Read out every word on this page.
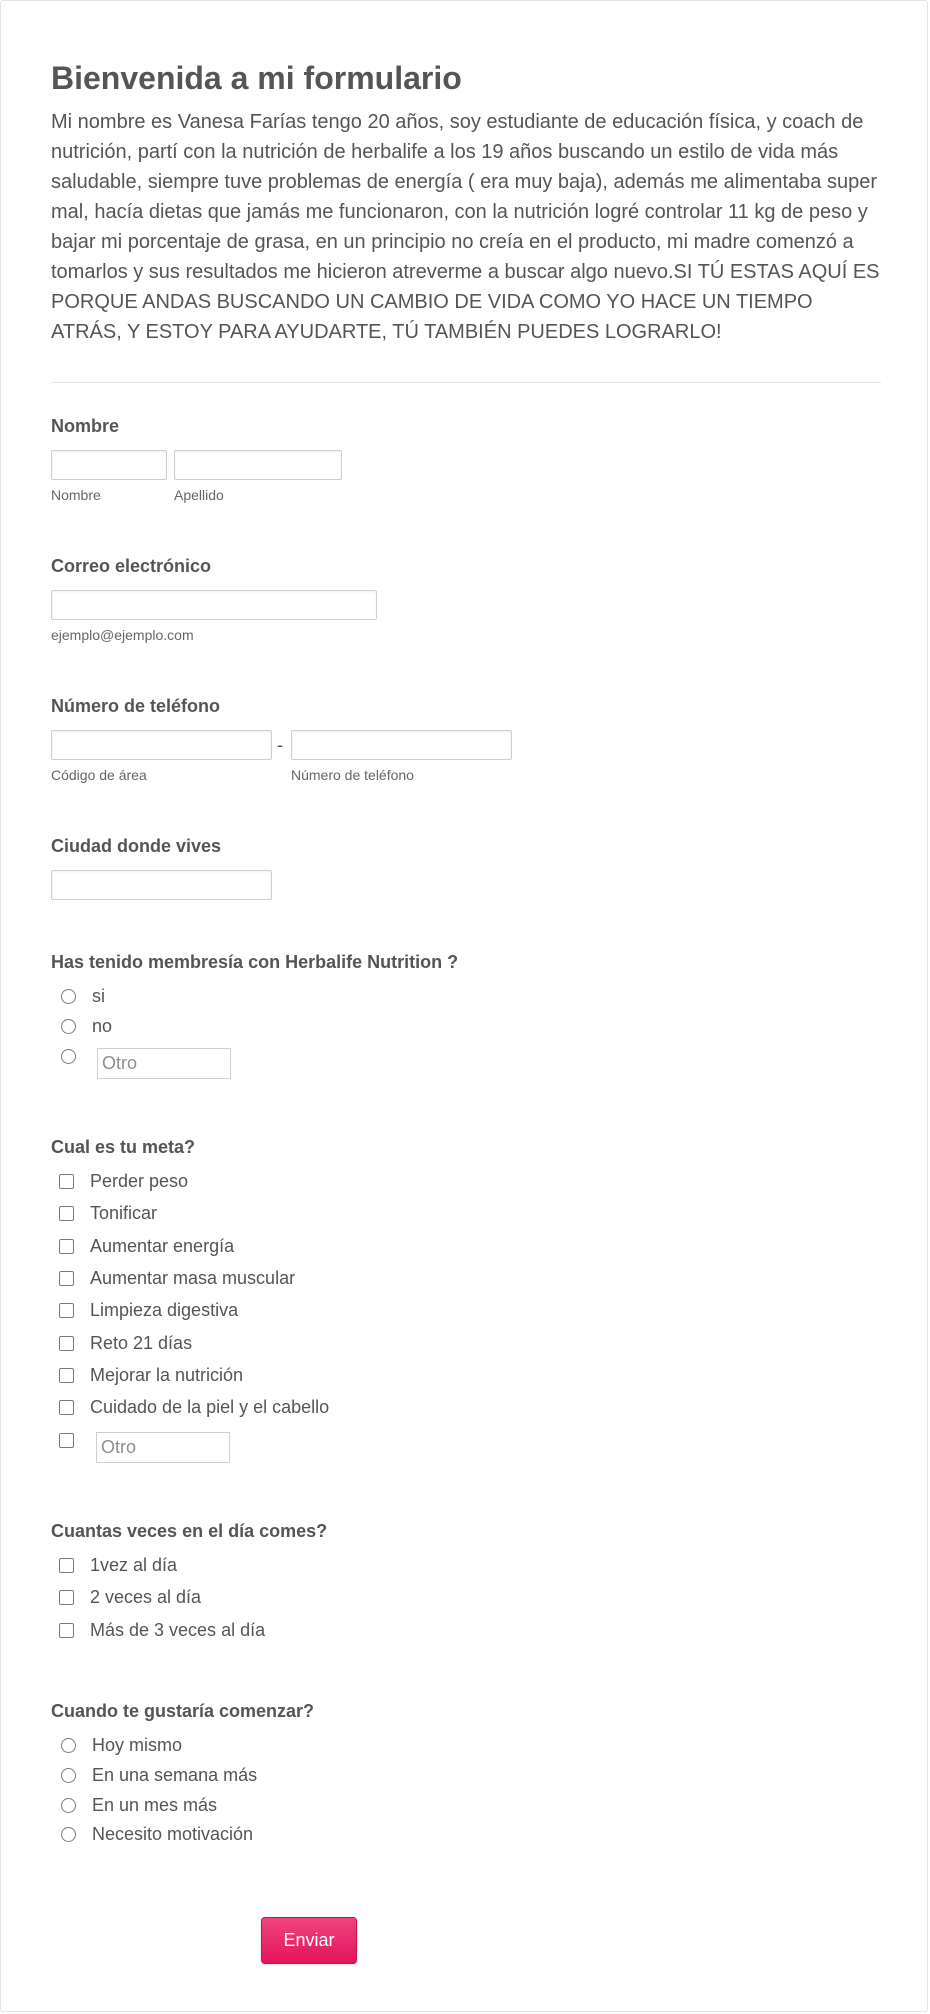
Bienvenida a mi formulario

Mi nombre es Vanesa Farías tengo 20 años, soy estudiante de educación física, y coach de nutrición, partí con la nutrición de herbalife a los 19 años buscando un estilo de vida más saludable, siempre tuve problemas de energía ( era muy baja), además me alimentaba super mal, hacía dietas que jamás me funcionaron, con la nutrición logré controlar 11 kg de peso y bajar mi porcentaje de grasa, en un principio no creía en el producto, mi madre comenzó a tomarlos y sus resultados me hicieron atreverme a buscar algo nuevo.SI TÚ ESTAS AQUÍ ES PORQUE ANDAS BUSCANDO UN CAMBIO DE VIDA COMO YO HACE UN TIEMPO ATRÁS, Y ESTOY PARA AYUDARTE, TÚ TAMBIÉN PUEDES LOGRARLO!

Nombre
Nombre	Apellido
Correo electrónico
ejemplo@ejemplo.com
Número de teléfono
-
Código de área	Número de teléfono
Ciudad donde vives
Has tenido membresía con Herbalife Nutrition ?
si
no
Otro
Cual es tu meta?
Perder peso
Tonificar
Aumentar energía
Aumentar masa muscular
Limpieza digestiva
Reto 21 días
Mejorar la nutrición
Cuidado de la piel y el cabello
Otro
Cuantas veces en el día comes?
1vez al día
2 veces al día
Más de 3 veces al día
Cuando te gustaría comenzar?
Hoy mismo
En una semana más
En un mes más
Necesito motivación
Enviar
